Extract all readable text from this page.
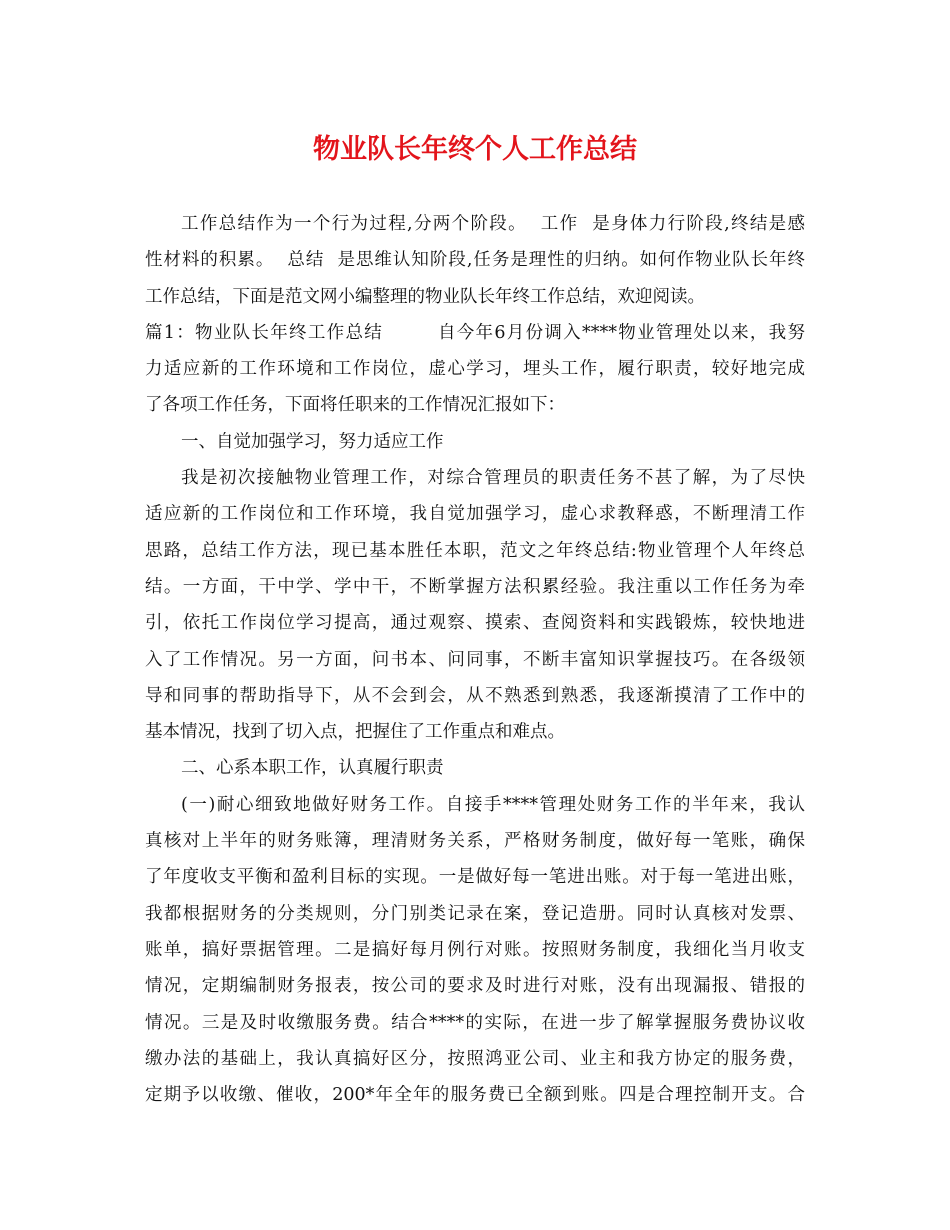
物业队长年终个人工作总结
工作总结作为一个行为过程,分两个阶段。  工作  是身体力行阶段,终结是感
性材料的积累。  总结  是思维认知阶段,任务是理性的归纳。如何作物业队长年终
工作总结，下面是范文网小编整理的物业队长年终工作总结，欢迎阅读。
篇1：物业队长年终工作总结        自今年6月份调入****物业管理处以来，我努
力适应新的工作环境和工作岗位，虚心学习，埋头工作，履行职责，较好地完成
了各项工作任务，下面将任职来的工作情况汇报如下：
一、自觉加强学习，努力适应工作
我是初次接触物业管理工作，对综合管理员的职责任务不甚了解，为了尽快
适应新的工作岗位和工作环境，我自觉加强学习，虚心求教释惑，不断理清工作
思路，总结工作方法，现已基本胜任本职，范文之年终总结:物业管理个人年终总
结。一方面，干中学、学中干，不断掌握方法积累经验。我注重以工作任务为牵
引，依托工作岗位学习提高，通过观察、摸索、查阅资料和实践锻炼，较快地进
入了工作情况。另一方面，问书本、问同事，不断丰富知识掌握技巧。在各级领
导和同事的帮助指导下，从不会到会，从不熟悉到熟悉，我逐渐摸清了工作中的
基本情况，找到了切入点，把握住了工作重点和难点。
二、心系本职工作，认真履行职责
(一)耐心细致地做好财务工作。自接手****管理处财务工作的半年来，我认
真核对上半年的财务账簿，理清财务关系，严格财务制度，做好每一笔账，确保
了年度收支平衡和盈利目标的实现。一是做好每一笔进出账。对于每一笔进出账，
我都根据财务的分类规则，分门别类记录在案，登记造册。同时认真核对发票、
账单，搞好票据管理。二是搞好每月例行对账。按照财务制度，我细化当月收支
情况，定期编制财务报表，按公司的要求及时进行对账，没有出现漏报、错报的
情况。三是及时收缴服务费。结合****的实际，在进一步了解掌握服务费协议收
缴办法的基础上，我认真搞好区分，按照鸿亚公司、业主和我方协定的服务费，
定期予以收缴、催收，200*年全年的服务费已全额到账。四是合理控制开支。合
